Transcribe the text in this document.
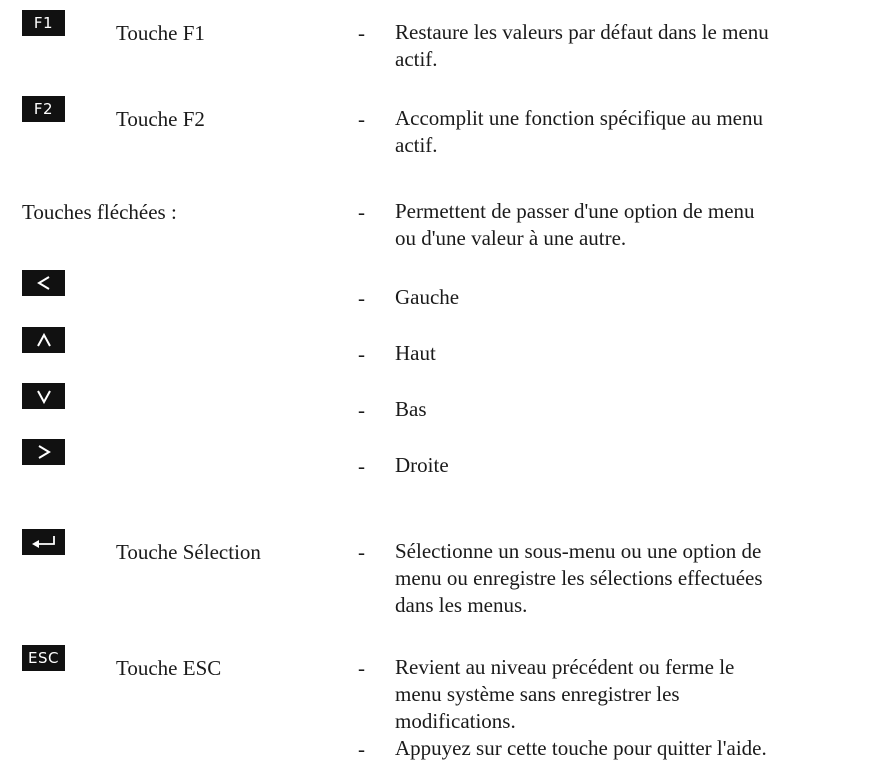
F1	Touche F1	- Restaure les valeurs par défaut dans le menu
actif.
F2	Touche F2	- Accomplit une fonction spécifique au menu
actif.
Touches fléchées :	- Permettent de passer d'une option de menu
ou d'une valeur à une autre.
- Gauche
- Haut
- Bas
- Droite
Touche Sélection	- Sélectionne un sous-menu ou une option de
menu ou enregistre les sélections effectuées
dans les menus.
ESC	Touche ESC	- Revient au niveau précédent ou ferme le
menu système sans enregistrer les
modifications.
- Appuyez sur cette touche pour quitter l'aide.
